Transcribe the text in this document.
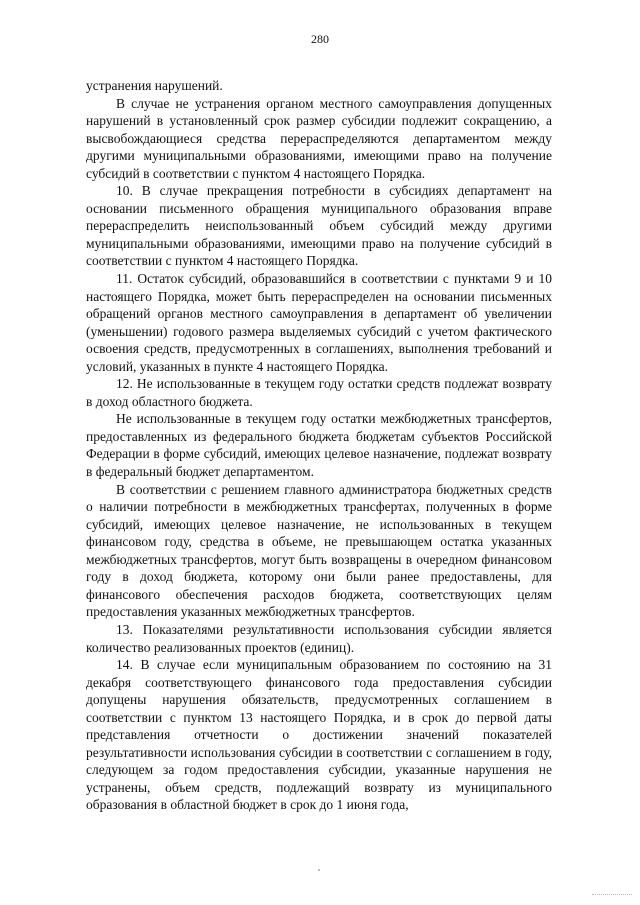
280

устранения нарушений.

В случае не устранения органом местного самоуправления допущенных нарушений в установленный срок размер субсидии подлежит сокращению, а высвобождающиеся средства перераспределяются департаментом между другими муниципальными образованиями, имеющими право на получение субсидий в соответствии с пунктом 4 настоящего Порядка.

10. В случае прекращения потребности в субсидиях департамент на основании письменного обращения муниципального образования вправе перераспределить неиспользованный объем субсидий между другими муниципальными образованиями, имеющими право на получение субсидий в соответствии с пунктом 4 настоящего Порядка.

11. Остаток субсидий, образовавшийся в соответствии с пунктами 9 и 10 настоящего Порядка, может быть перераспределен на основании письменных обращений органов местного самоуправления в департамент об увеличении (уменьшении) годового размера выделяемых субсидий с учетом фактического освоения средств, предусмотренных в соглашениях, выполнения требований и условий, указанных в пункте 4 настоящего Порядка.

12. Не использованные в текущем году остатки средств подлежат возврату в доход областного бюджета.

Не использованные в текущем году остатки межбюджетных трансфертов, предоставленных из федерального бюджета бюджетам субъектов Российской Федерации в форме субсидий, имеющих целевое назначение, подлежат возврату в федеральный бюджет департаментом.

В соответствии с решением главного администратора бюджетных средств о наличии потребности в межбюджетных трансфертах, полученных в форме субсидий, имеющих целевое назначение, не использованных в текущем финансовом году, средства в объеме, не превышающем остатка указанных межбюджетных трансфертов, могут быть возвращены в очередном финансовом году в доход бюджета, которому они были ранее предоставлены, для финансового обеспечения расходов бюджета, соответствующих целям предоставления указанных межбюджетных трансфертов.

13. Показателями результативности использования субсидии является количество реализованных проектов (единиц).

14. В случае если муниципальным образованием по состоянию на 31 декабря соответствующего финансового года предоставления субсидии допущены нарушения обязательств, предусмотренных соглашением в соответствии с пунктом 13 настоящего Порядка, и в срок до первой даты представления отчетности о достижении значений показателей результативности использования субсидии в соответствии с соглашением в году, следующем за годом предоставления субсидии, указанные нарушения не устранены, объем средств, подлежащий возврату из муниципального образования в областной бюджет в срок до 1 июня года,
